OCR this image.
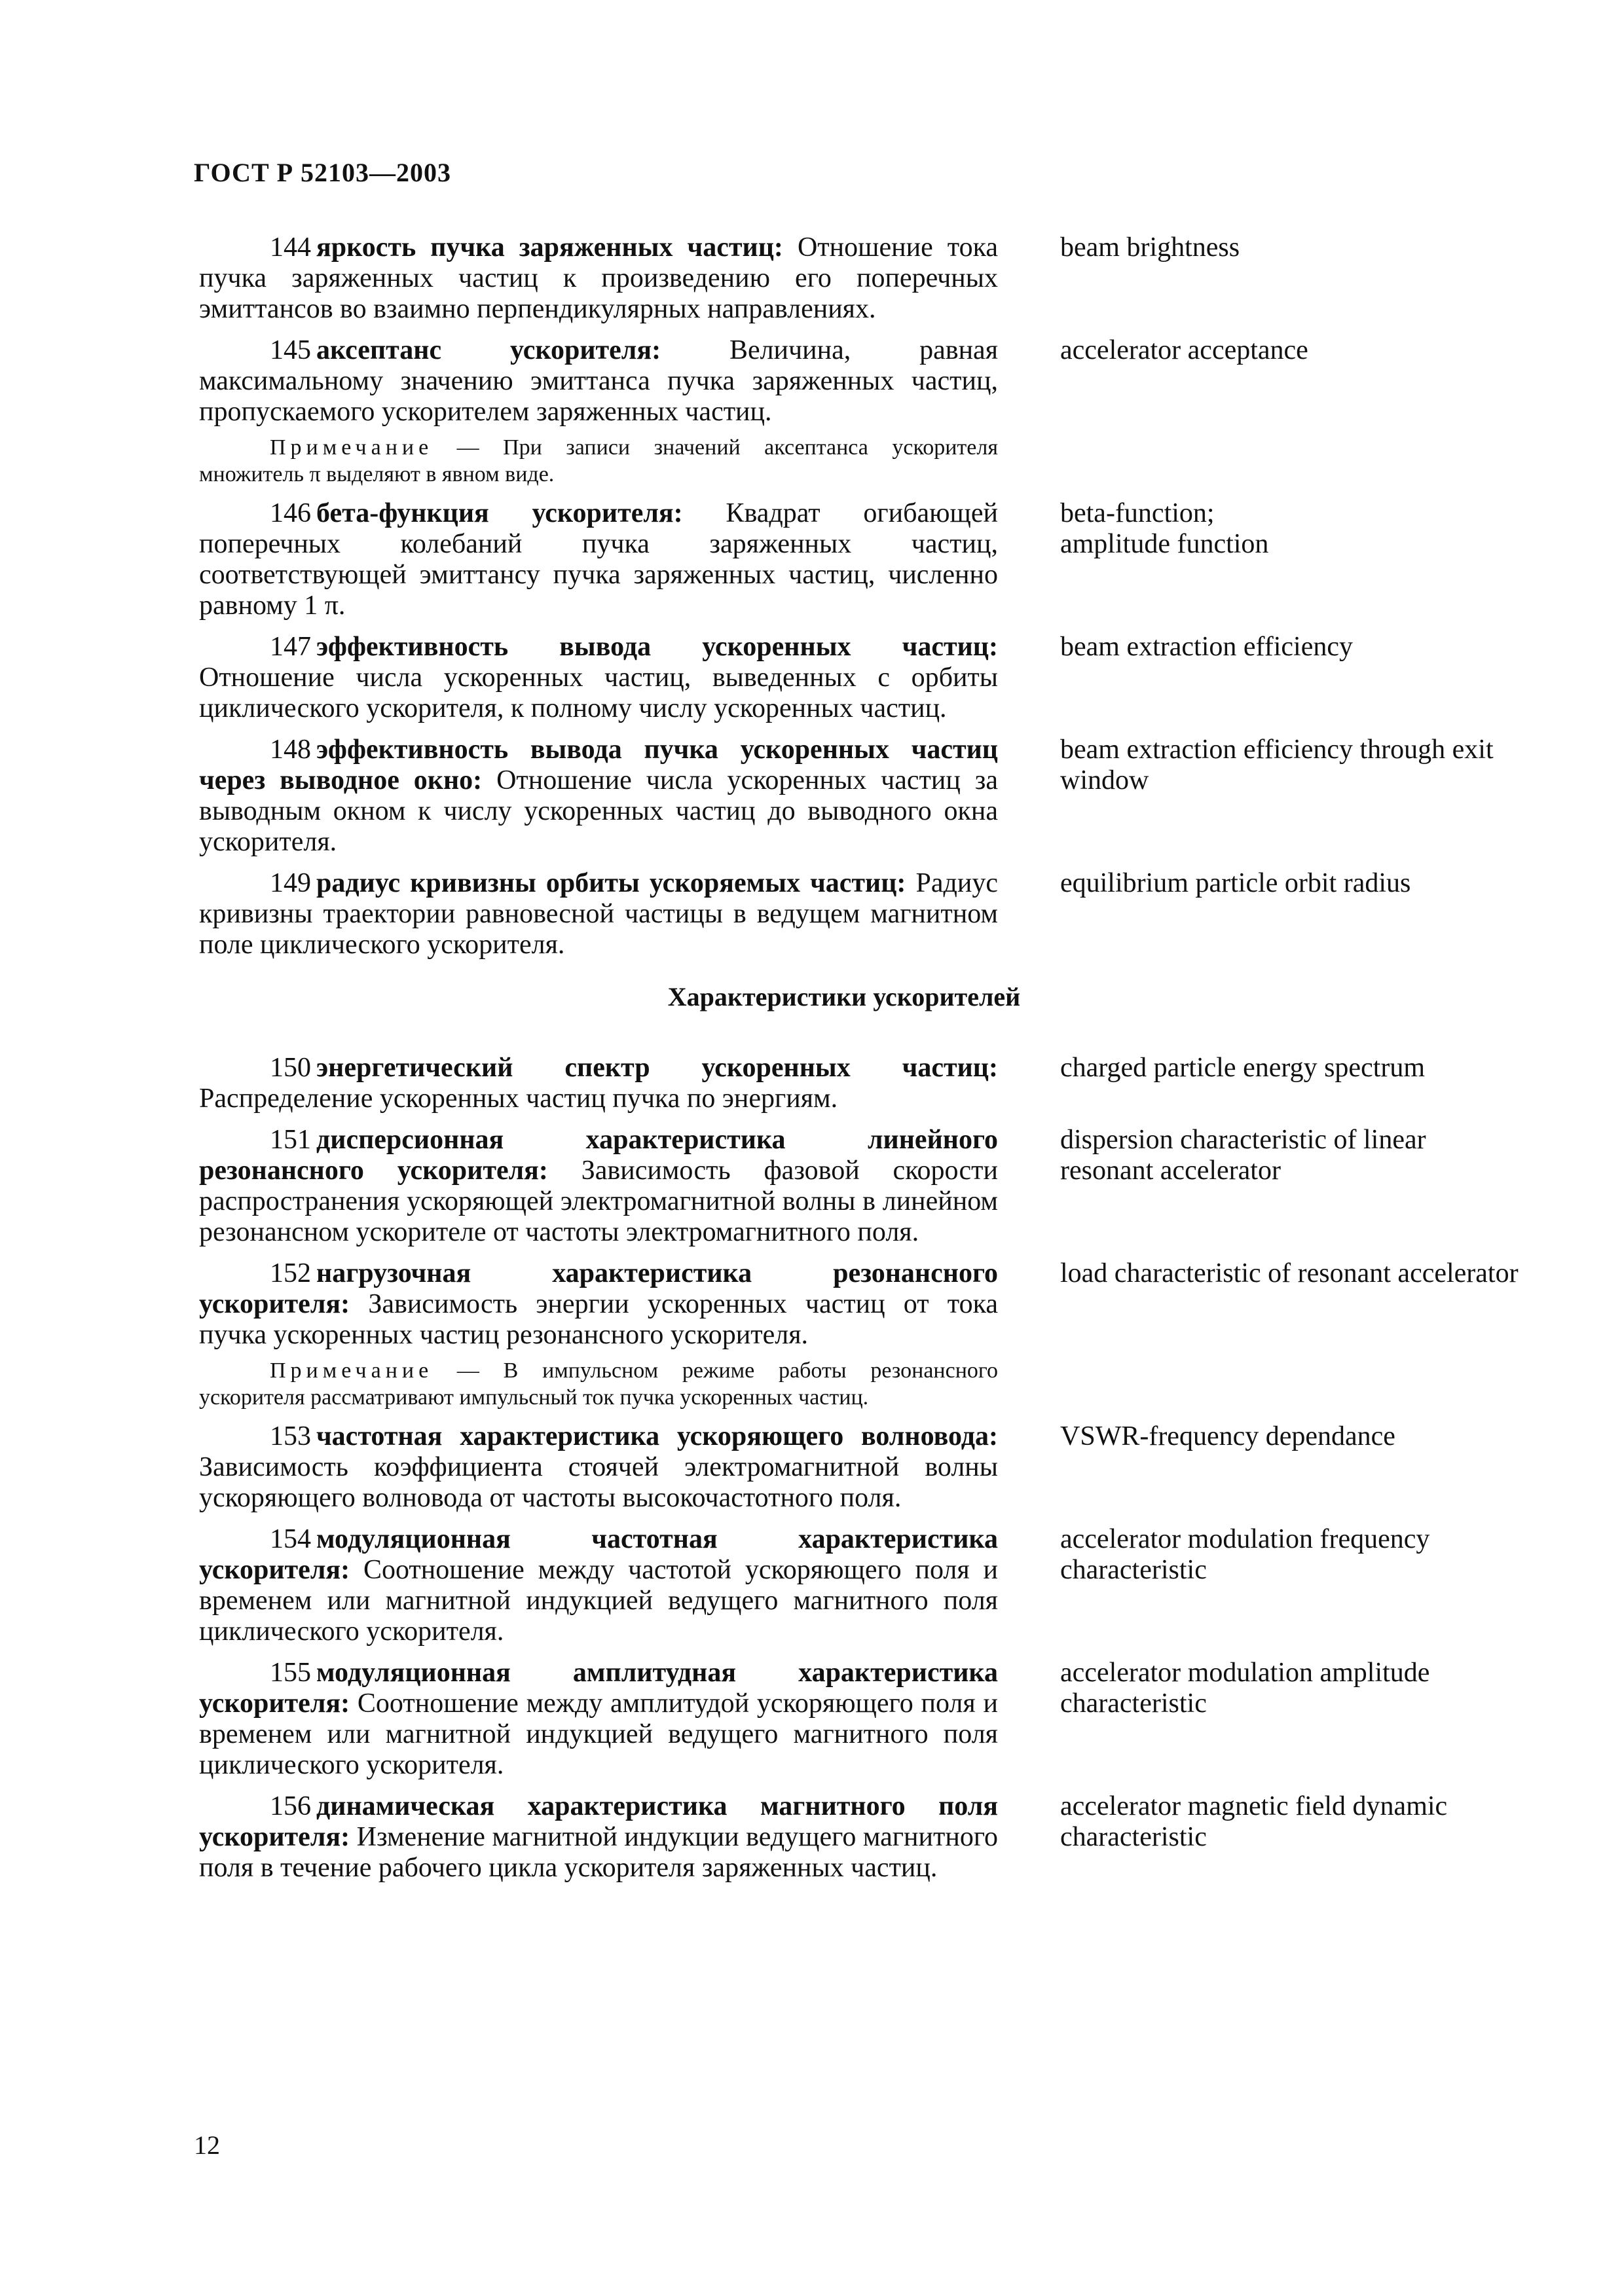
ГОСТ Р 52103—2003
144 яркость пучка заряженных частиц: Отношение тока пучка заряженных частиц к произведению его поперечных эмиттансов во взаимно перпендикулярных направлениях.
beam brightness
145 аксептанс ускорителя: Величина, равная максимальному значению эмиттанса пучка заряженных частиц, пропускаемого ускорителем заряженных частиц.
accelerator acceptance
Примечание — При записи значений аксептанса ускорителя множитель π выделяют в явном виде.
146 бета-функция ускорителя: Квадрат огибающей поперечных колебаний пучка заряженных частиц, соответствующей эмиттансу пучка заряженных частиц, численно равному 1 π.
beta-function;
amplitude function
147 эффективность вывода ускоренных частиц: Отношение числа ускоренных частиц, выведенных с орбиты циклического ускорителя, к полному числу ускоренных частиц.
beam extraction efficiency
148 эффективность вывода пучка ускоренных частиц через выводное окно: Отношение числа ускоренных частиц за выводным окном к числу ускоренных частиц до выводного окна ускорителя.
beam extraction efficiency through exit window
149 радиус кривизны орбиты ускоряемых частиц: Радиус кривизны траектории равновесной частицы в ведущем магнитном поле циклического ускорителя.
equilibrium particle orbit radius
Характеристики ускорителей
150 энергетический спектр ускоренных частиц: Распределение ускоренных частиц пучка по энергиям.
charged particle energy spectrum
151 дисперсионная характеристика линейного резонансного ускорителя: Зависимость фазовой скорости распространения ускоряющей электромагнитной волны в линейном резонансном ускорителе от частоты электромагнитного поля.
dispersion characteristic of linear resonant accelerator
152 нагрузочная характеристика резонансного ускорителя: Зависимость энергии ускоренных частиц от тока пучка ускоренных частиц резонансного ускорителя.
load characteristic of resonant accelerator
Примечание — В импульсном режиме работы резонансного ускорителя рассматривают импульсный ток пучка ускоренных частиц.
153 частотная характеристика ускоряющего волновода: Зависимость коэффициента стоячей электромагнитной волны ускоряющего волновода от частоты высокочастотного поля.
VSWR-frequency dependance
154 модуляционная частотная характеристика ускорителя: Соотношение между частотой ускоряющего поля и временем или магнитной индукцией ведущего магнитного поля циклического ускорителя.
accelerator modulation frequency characteristic
155 модуляционная амплитудная характеристика ускорителя: Соотношение между амплитудой ускоряющего поля и временем или магнитной индукцией ведущего магнитного поля циклического ускорителя.
accelerator modulation amplitude characteristic
156 динамическая характеристика магнитного поля ускорителя: Изменение магнитной индукции ведущего магнитного поля в течение рабочего цикла ускорителя заряженных частиц.
accelerator magnetic field dynamic characteristic
12
